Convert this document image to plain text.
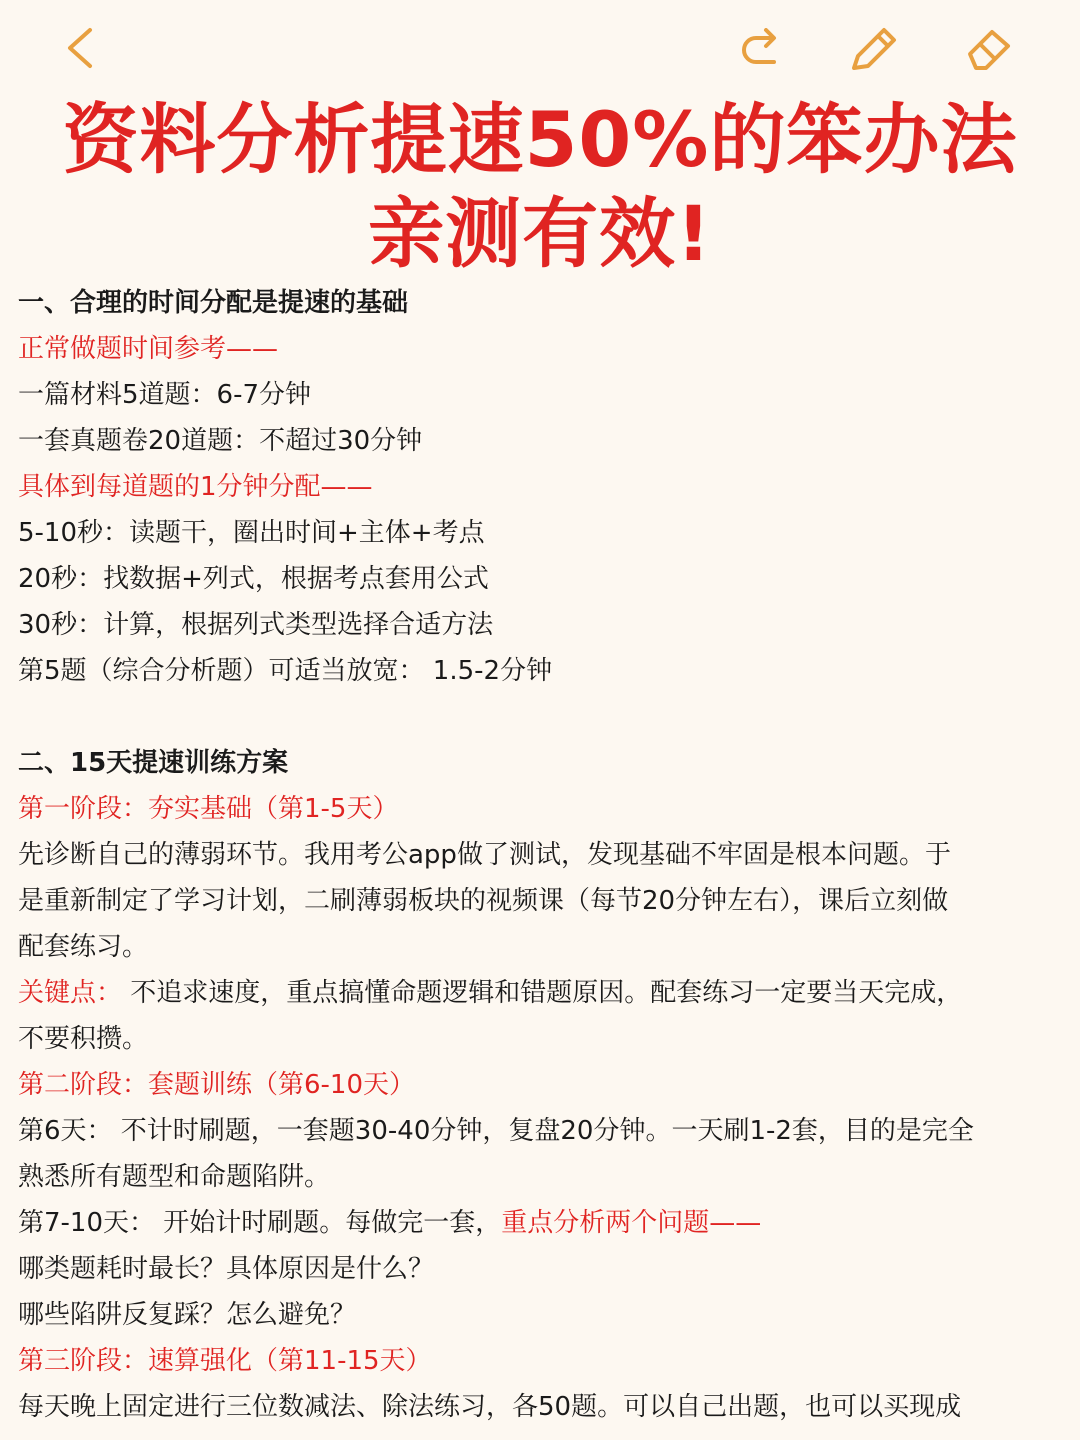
资料分析提速50%的笨办法
亲测有效!
一、合理的时间分配是提速的基础
正常做题时间参考——
一篇材料5道题：6-7分钟
一套真题卷20道题：不超过30分钟
具体到每道题的1分钟分配——
5-10秒：读题干，圈出时间+主体+考点
20秒：找数据+列式，根据考点套用公式
30秒：计算，根据列式类型选择合适方法
第5题（综合分析题）可适当放宽： 1.5-2分钟
二、15天提速训练方案
第一阶段：夯实基础（第1-5天）
先诊断自己的薄弱环节。我用考公app做了测试，发现基础不牢固是根本问题。于
是重新制定了学习计划，二刷薄弱板块的视频课（每节20分钟左右），课后立刻做
配套练习。
关键点： 不追求速度，重点搞懂命题逻辑和错题原因。配套练习一定要当天完成，
不要积攒。
第二阶段：套题训练（第6-10天）
第6天： 不计时刷题，一套题30-40分钟，复盘20分钟。一天刷1-2套，目的是完全
熟悉所有题型和命题陷阱。
第7-10天： 开始计时刷题。每做完一套，重点分析两个问题——
哪类题耗时最长？具体原因是什么？
哪些陷阱反复踩？怎么避免？
第三阶段：速算强化（第11-15天）
每天晚上固定进行三位数减法、除法练习，各50题。可以自己出题，也可以买现成
